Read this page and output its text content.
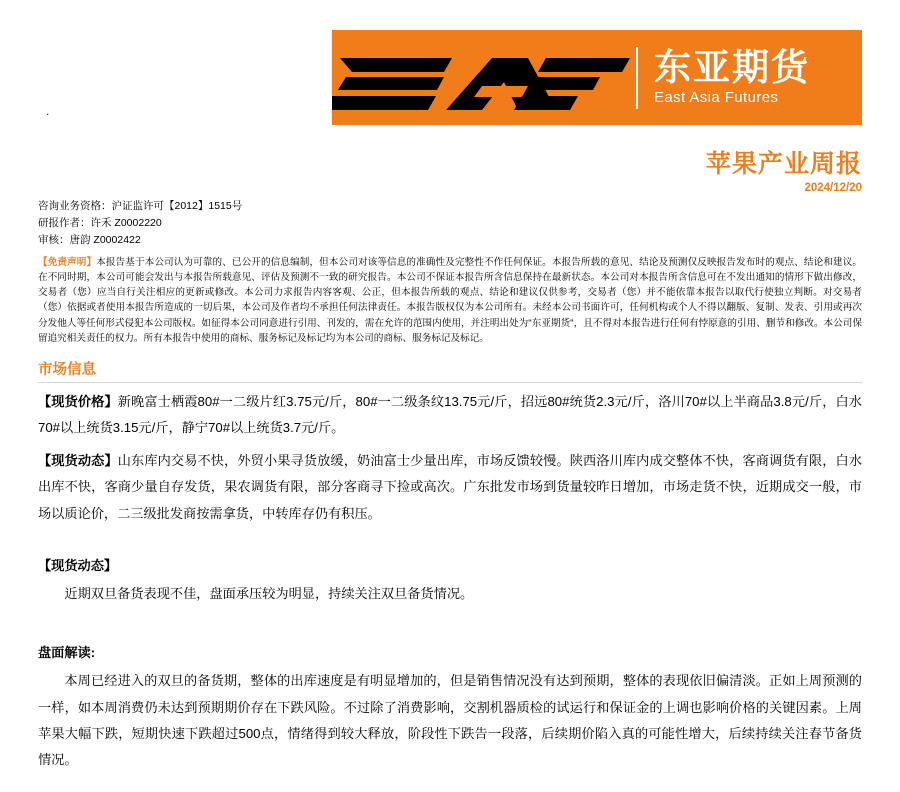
.
东亚期货
East Asia Futures
苹果产业周报
2024/12/20
咨询业务资格：沪证监许可【2012】1515号
研报作者：许禾 Z0002220
审核：唐韵 Z0002422
【免责声明】本报告基于本公司认为可靠的、已公开的信息编制，但本公司对该等信息的准确性及完整性不作任何保证。本报告所载的意见、结论及预测仅反映报告发布时的观点、结论和建议。在不同时期，本公司可能会发出与本报告所载意见、评估及预测不一致的研究报告。本公司不保证本报告所含信息保持在最新状态。本公司对本报告所含信息可在不发出通知的情形下做出修改，交易者（您）应当自行关注相应的更新或修改。本公司力求报告内容客观、公正，但本报告所载的观点、结论和建议仅供参考，交易者（您）并不能依靠本报告以取代行使独立判断。对交易者（您）依据或者使用本报告所造成的一切后果，本公司及作者均不承担任何法律责任。本报告版权仅为本公司所有。未经本公司书面许可，任何机构或个人不得以翻版、复制、发表、引用或再次分发他人等任何形式侵犯本公司版权。如征得本公司同意进行引用、刊发的，需在允许的范围内使用，并注明出处为"东亚期货"，且不得对本报告进行任何有悖原意的引用、删节和修改。本公司保留追究相关责任的权力。所有本报告中使用的商标、服务标记及标记均为本公司的商标、服务标记及标记。
市场信息
【现货价格】新晚富士栖霞80#一二级片红3.75元/斤，80#一二级条纹13.75元/斤，招远80#统货2.3元/斤，洛川70#以上半商品3.8元/斤，白水70#以上统货3.15元/斤，静宁70#以上统货3.7元/斤。
【现货动态】山东库内交易不快，外贸小果寻货放缓，奶油富士少量出库，市场反馈较慢。陕西洛川库内成交整体不快，客商调货有限，白水出库不快，客商少量自存发货，果农调货有限，部分客商寻下捡或高次。广东批发市场到货量较昨日增加，市场走货不快，近期成交一般，市场以质论价，二三级批发商按需拿货，中转库存仍有积压。
【现货动态】
近期双旦备货表现不佳，盘面承压较为明显，持续关注双旦备货情况。
盘面解读:
本周已经进入的双旦的备货期，整体的出库速度是有明显增加的，但是销售情况没有达到预期，整体的表现依旧偏清淡。正如上周预测的一样，如本周消费仍未达到预期期价存在下跌风险。不过除了消费影响，交割机器质检的试运行和保证金的上调也影响价格的关键因素。上周苹果大幅下跌，短期快速下跌超过500点，情绪得到较大释放，阶段性下跌告一段落，后续期价陷入真的可能性增大，后续持续关注春节备货情况。
